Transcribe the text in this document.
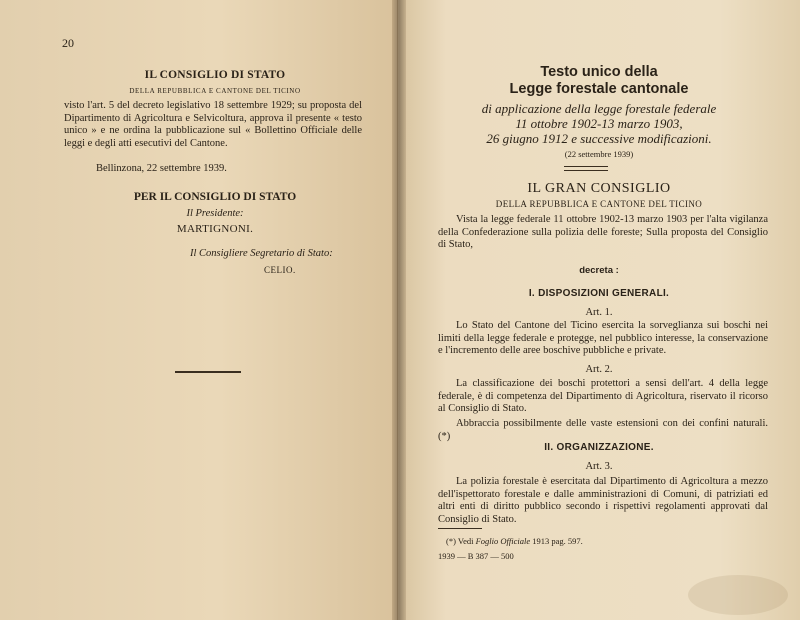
20
IL CONSIGLIO DI STATO
DELLA REPUBBLICA E CANTONE DEL TICINO
visto l'art. 5 del decreto legislativo 18 settembre 1929; su proposta del Dipartimento di Agricoltura e Selvicoltura, approva il presente « testo unico » e ne ordina la pubblicazione sul « Bollettino Officiale delle leggi e degli atti esecutivi del Cantone.
Bellinzona, 22 settembre 1939.
PER IL CONSIGLIO DI STATO
Il Presidente:
MARTIGNONI.
Il Consigliere Segretario di Stato:
CELIO.
Testo unico della
Legge forestale cantonale
di applicazione della legge forestale federale
11 ottobre 1902-13 marzo 1903,
26 giugno 1912 e successive modificazioni.
(22 settembre 1939)
IL GRAN CONSIGLIO
DELLA REPUBBLICA E CANTONE DEL TICINO
Vista la legge federale 11 ottobre 1902-13 marzo 1903 per l'alta vigilanza della Confederazione sulla polizia delle foreste; Sulla proposta del Consiglio di Stato,
decreta :
I. DISPOSIZIONI GENERALI.
Art. 1.
Lo Stato del Cantone del Ticino esercita la sorveglianza sui boschi nei limiti della legge federale e protegge, nel pubblico interesse, la conservazione e l'incremento delle aree boschive pubbliche e private.
Art. 2.
La classificazione dei boschi protettori a sensi dell'art. 4 della legge federale, è di competenza del Dipartimento di Agricoltura, riservato il ricorso al Consiglio di Stato.
Abbraccia possibilmente delle vaste estensioni con dei confini naturali. (*)
II. ORGANIZZAZIONE.
Art. 3.
La polizia forestale è esercitata dal Dipartimento di Agricoltura a mezzo dell'ispettorato forestale e dalle amministrazioni di Comuni, di patriziati ed altri enti di diritto pubblico secondo i rispettivi regolamenti approvati dal Consiglio di Stato.
(*) Vedi Foglio Officiale 1913 pag. 597.
1939 — B 387 — 500
